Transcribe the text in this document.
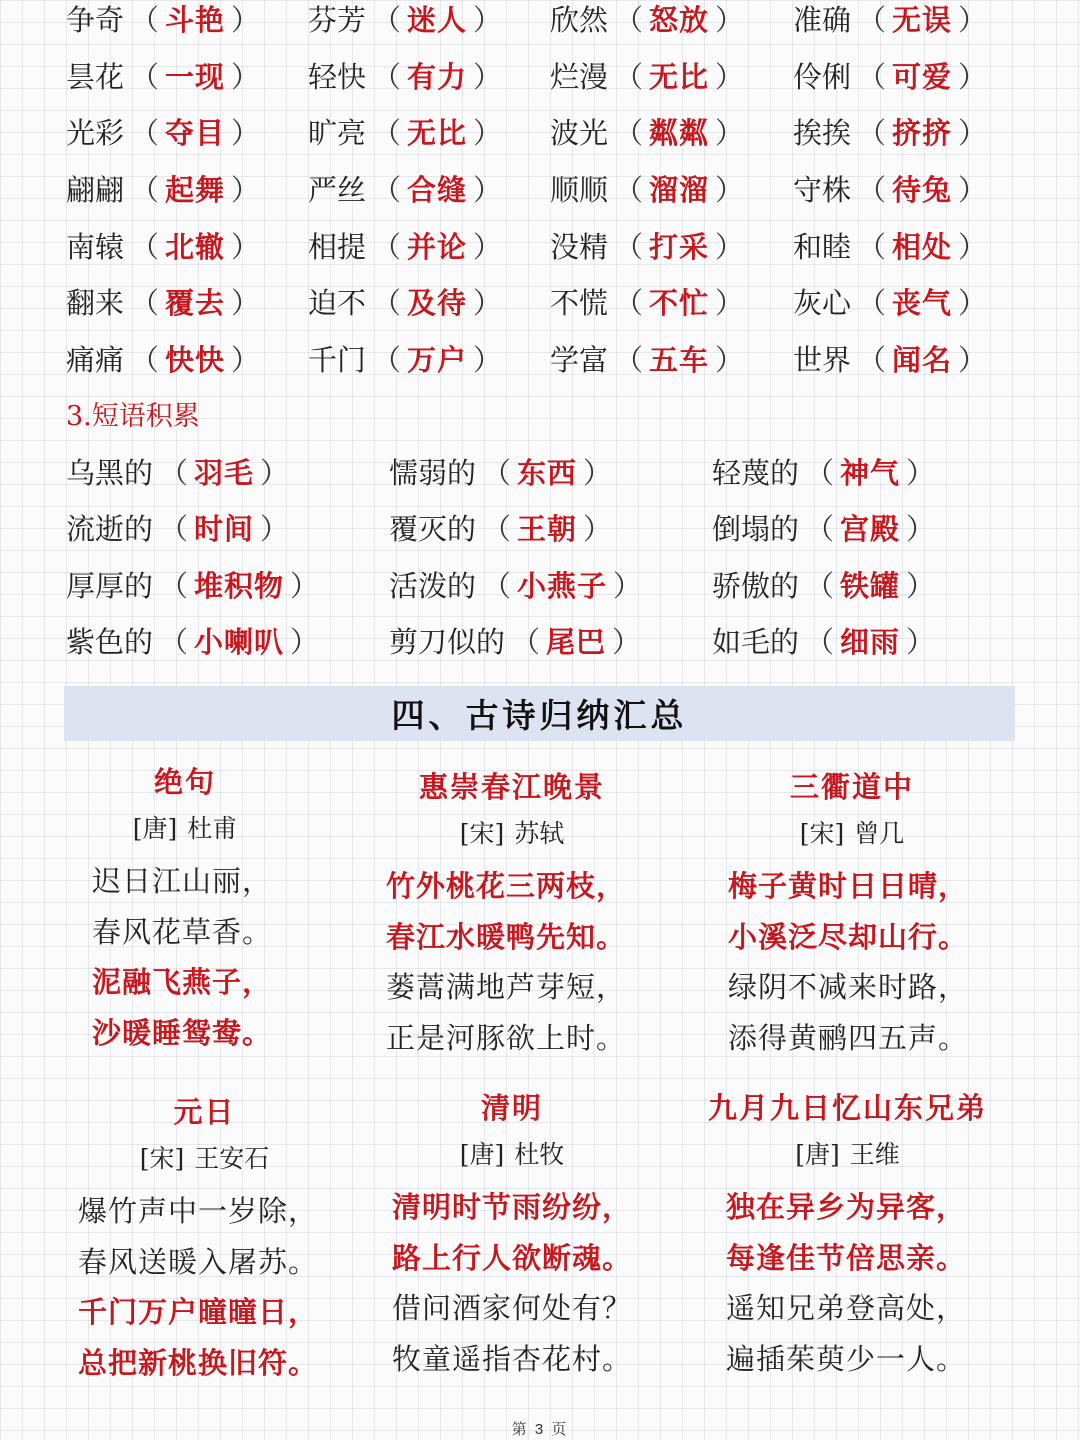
争奇 （ 斗艳 ）	芬芳 （ 迷人 ）	欣然 （ 怒放 ）	准确 （ 无误 ）
昙花 （ 一现 ）	轻快 （ 有力 ）	烂漫 （ 无比 ）	伶俐 （ 可爱 ）
光彩 （ 夺目 ）	旷亮 （ 无比 ）	波光 （ 粼粼 ）	挨挨 （ 挤挤 ）
翩翩 （ 起舞 ）	严丝 （ 合缝 ）	顺顺 （ 溜溜 ）	守株 （ 待兔 ）
南辕 （ 北辙 ）	相提 （ 并论 ）	没精 （ 打采 ）	和睦 （ 相处 ）
翻来 （ 覆去 ）	迫不 （ 及待 ）	不慌 （ 不忙 ）	灰心 （ 丧气 ）
痛痛 （ 快快 ）	千门 （ 万户 ）	学富 （ 五车 ）	世界 （ 闻名 ）
3.短语积累
乌黑的 （ 羽毛 ）	懦弱的 （ 东西 ）	轻蔑的 （ 神气 ）
流逝的 （ 时间 ）	覆灭的 （ 王朝 ）	倒塌的 （ 宫殿 ）
厚厚的 （ 堆积物 ）	活泼的 （ 小燕子 ）	骄傲的 （ 铁罐 ）
紫色的 （ 小喇叭 ）	剪刀似的 （ 尾巴 ）	如毛的 （ 细雨 ）
四、古诗归纳汇总
绝句
[唐] 杜甫
迟日江山丽，
春风花草香。
泥融飞燕子，
沙暖睡鸳鸯。
惠崇春江晚景
[宋] 苏轼
竹外桃花三两枝，
春江水暖鸭先知。
蒌蒿满地芦芽短，
正是河豚欲上时。
三衢道中
[宋] 曾几
梅子黄时日日晴，
小溪泛尽却山行。
绿阴不减来时路，
添得黄鹂四五声。
元日
[宋] 王安石
爆竹声中一岁除，
春风送暖入屠苏。
千门万户曈曈日，
总把新桃换旧符。
清明
[唐] 杜牧
清明时节雨纷纷，
路上行人欲断魂。
借问酒家何处有？
牧童遥指杏花村。
九月九日忆山东兄弟
[唐] 王维
独在异乡为异客，
每逢佳节倍思亲。
遥知兄弟登高处，
遍插茱萸少一人。
第 3 页
